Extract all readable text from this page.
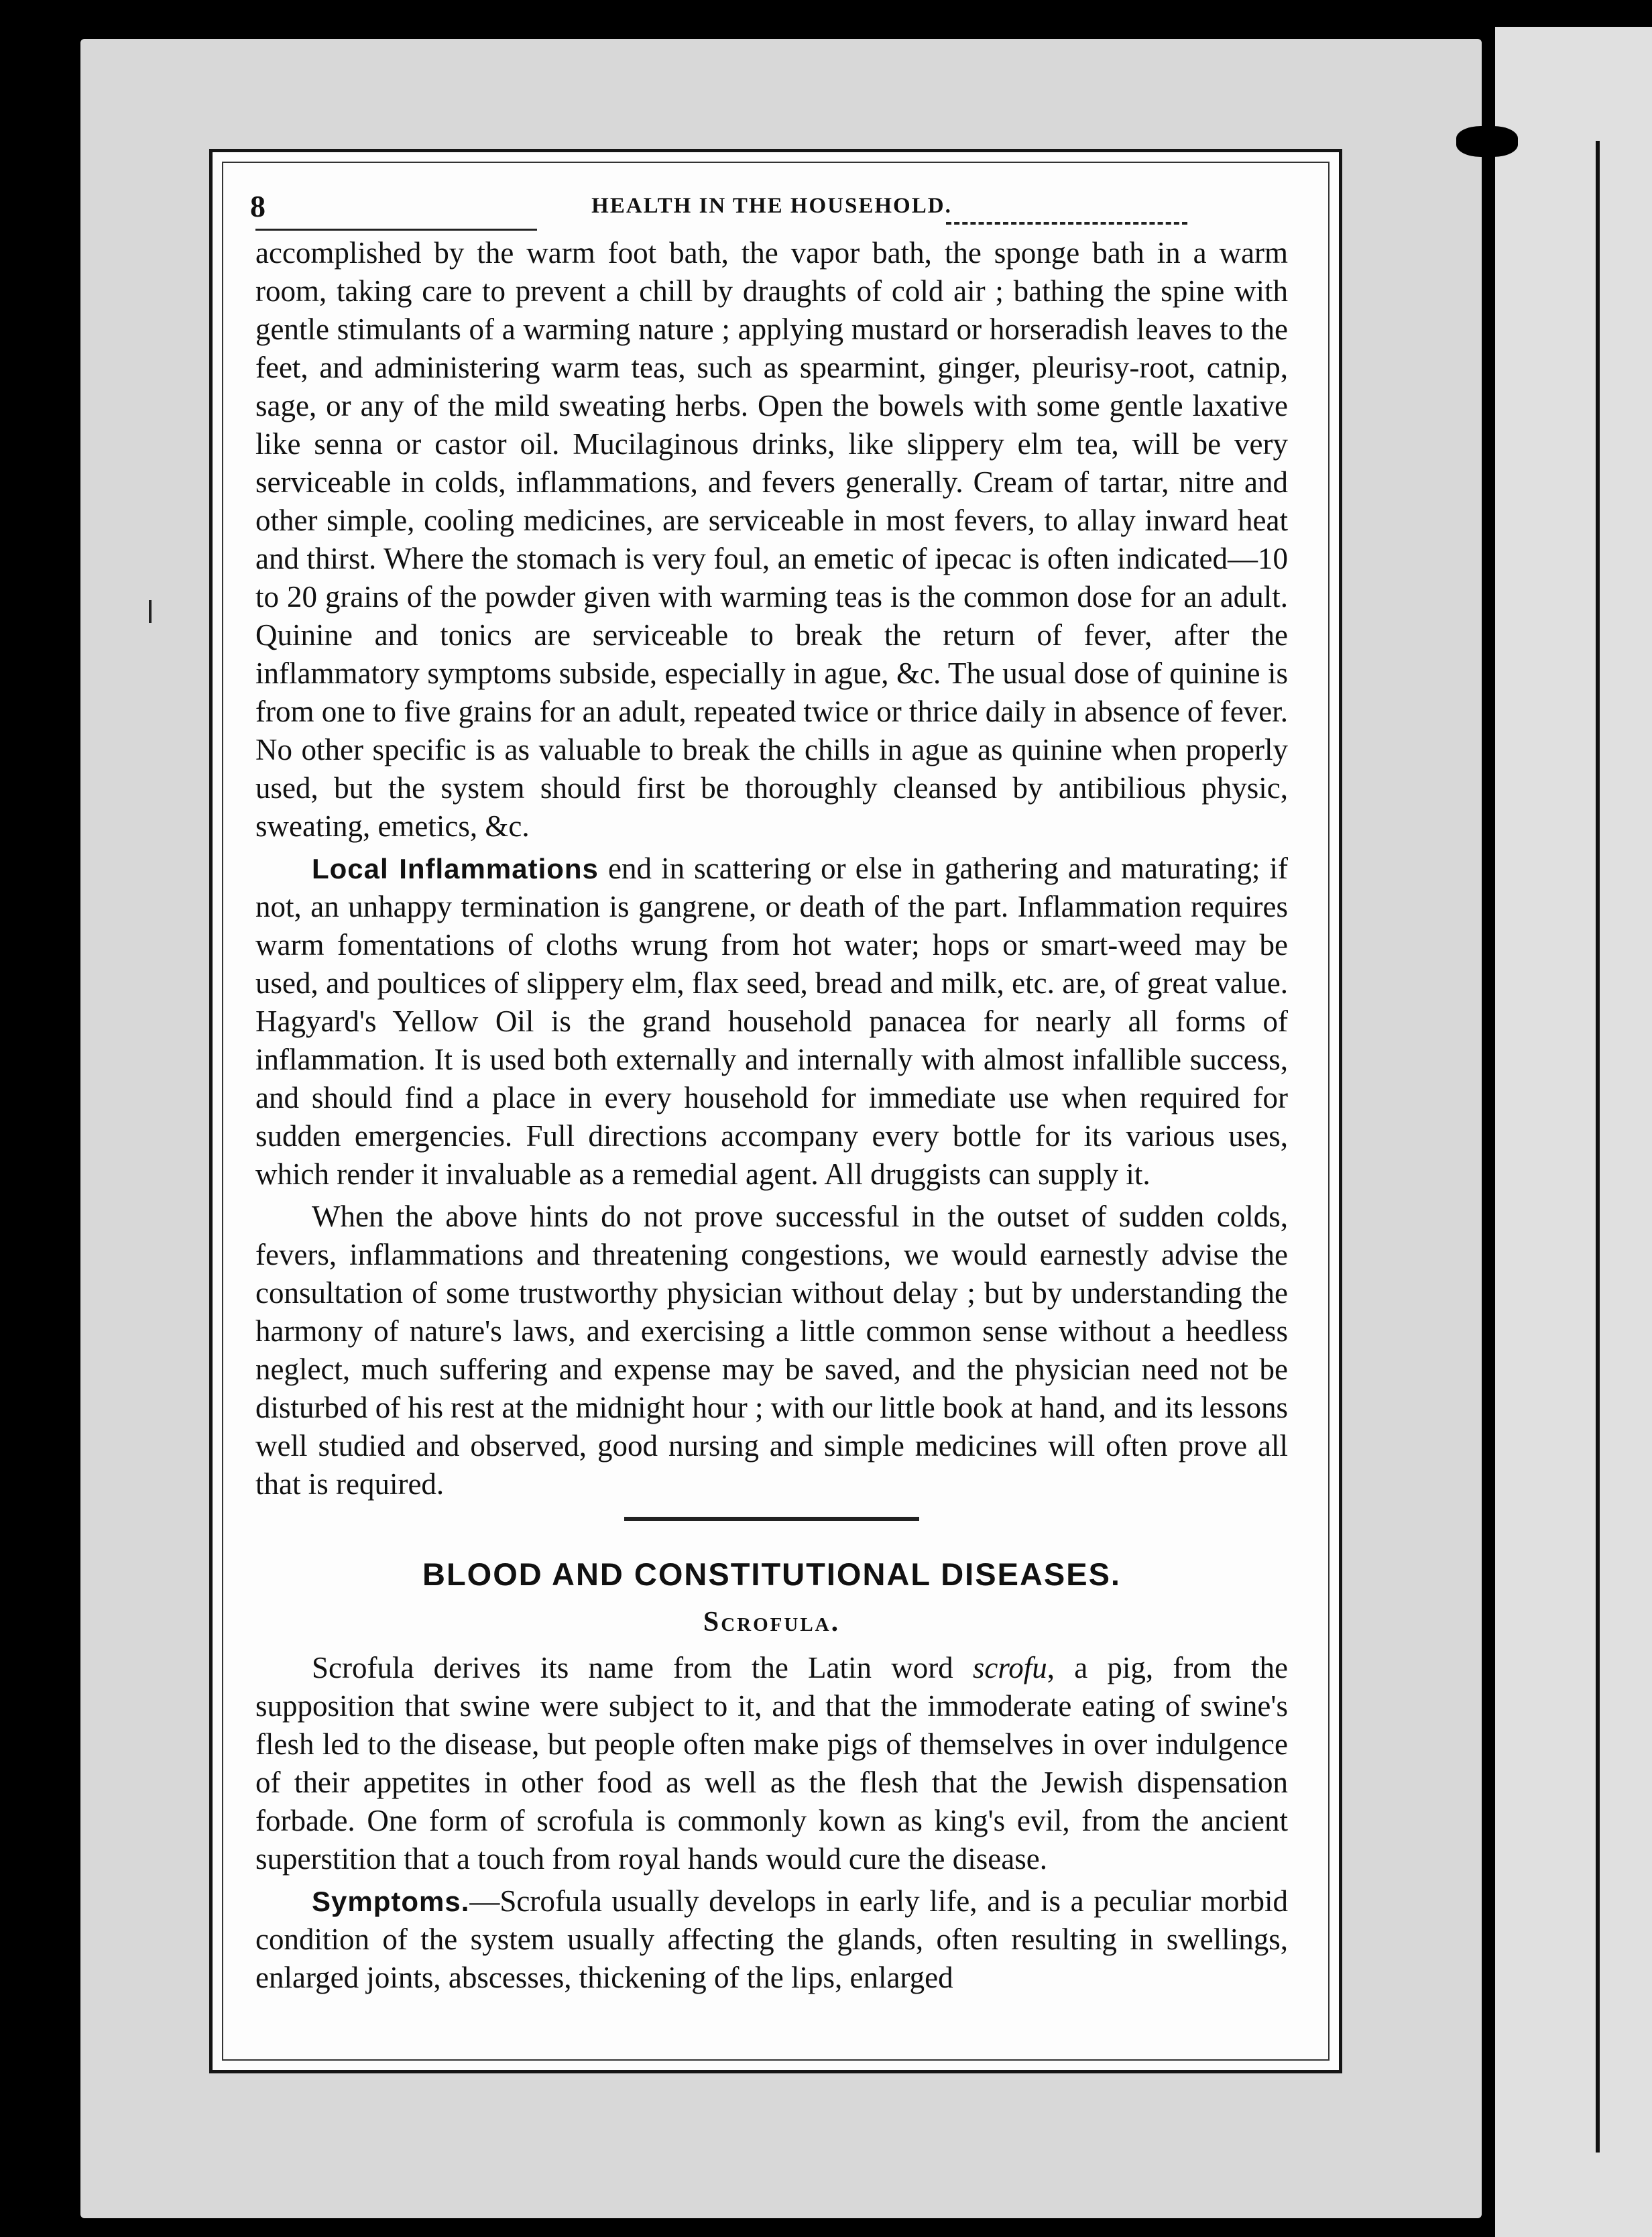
8	HEALTH IN THE HOUSEHOLD.

accomplished by the warm foot bath, the vapor bath, the sponge bath in a warm room, taking care to prevent a chill by draughts of cold air ; bathing the spine with gentle stimulants of a warming nature ; applying mustard or horseradish leaves to the feet, and administering warm teas, such as spearmint, ginger, pleurisy-root, catnip, sage, or any of the mild sweating herbs. Open the bowels with some gentle laxative like senna or castor oil. Mucilaginous drinks, like slippery elm tea, will be very serviceable in colds, inflammations, and fevers generally. Cream of tartar, nitre and other simple, cooling medicines, are serviceable in most fevers, to allay inward heat and thirst. Where the stomach is very foul, an emetic of ipecac is often indicated—10 to 20 grains of the powder given with warming teas is the common dose for an adult. Quinine and tonics are serviceable to break the return of fever, after the inflammatory symptoms subside, especially in ague, &c. The usual dose of quinine is from one to five grains for an adult, repeated twice or thrice daily in absence of fever. No other specific is as valuable to break the chills in ague as quinine when properly used, but the system should first be thoroughly cleansed by antibilious physic, sweating, emetics, &c.

Local Inflammations end in scattering or else in gathering and maturating; if not, an unhappy termination is gangrene, or death of the part. Inflammation requires warm fomentations of cloths wrung from hot water; hops or smart-weed may be used, and poultices of slippery elm, flax seed, bread and milk, etc. are, of great value. Hagyard's Yellow Oil is the grand household panacea for nearly all forms of inflammation. It is used both externally and internally with almost infallible success, and should find a place in every household for immediate use when required for sudden emergencies. Full directions accompany every bottle for its various uses, which render it invaluable as a remedial agent. All druggists can supply it.

When the above hints do not prove successful in the outset of sudden colds, fevers, inflammations and threatening congestions, we would earnestly advise the consultation of some trustworthy physician without delay ; but by understanding the harmony of nature's laws, and exercising a little common sense without a heedless neglect, much suffering and expense may be saved, and the physician need not be disturbed of his rest at the midnight hour ; with our little book at hand, and its lessons well studied and observed, good nursing and simple medicines will often prove all that is required.

BLOOD AND CONSTITUTIONAL DISEASES.
Scrofula.

Scrofula derives its name from the Latin word scrofu, a pig, from the supposition that swine were subject to it, and that the immoderate eating of swine's flesh led to the disease, but people often make pigs of themselves in over indulgence of their appetites in other food as well as the flesh that the Jewish dispensation forbade. One form of scrofula is commonly kown as king's evil, from the ancient superstition that a touch from royal hands would cure the disease.

Symptoms.—Scrofula usually develops in early life, and is a peculiar morbid condition of the system usually affecting the glands, often resulting in swellings, enlarged joints, abscesses, thickening of the lips, enlarged
